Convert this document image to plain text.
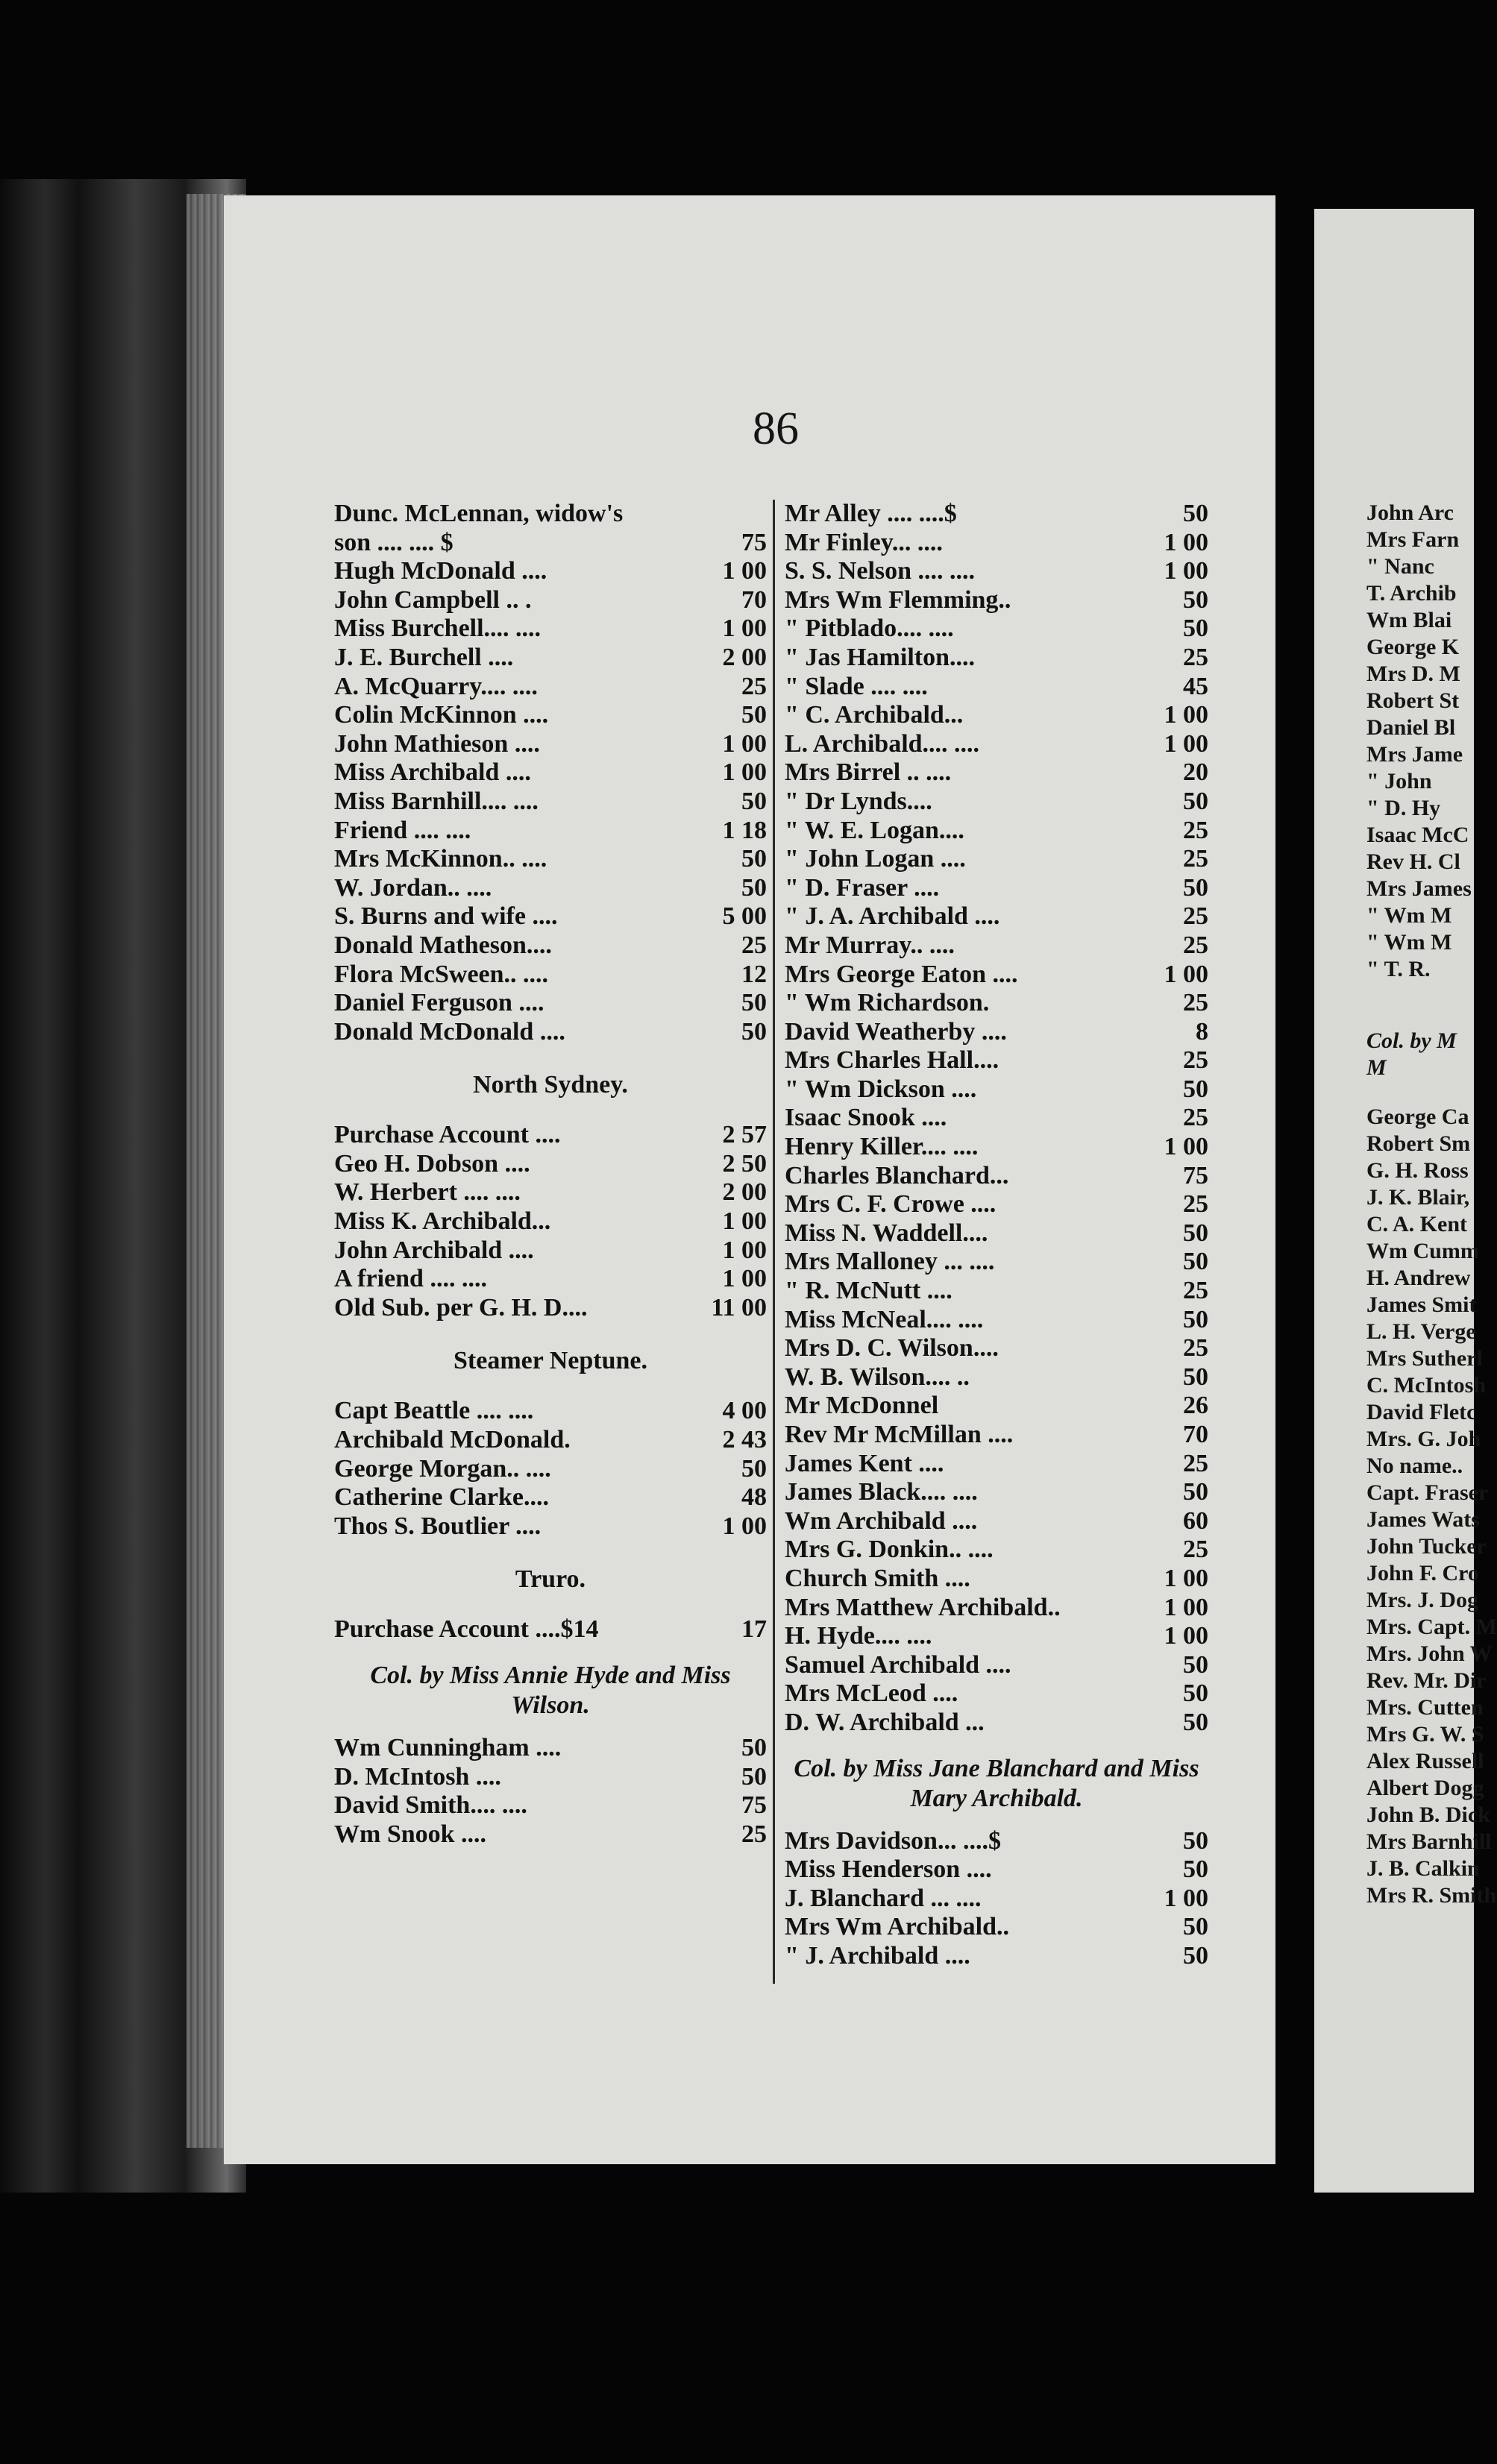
86
Dunc. McLennan, widow's
son .... .... $	75
Hugh McDonald ....	1 00
John Campbell .. .	70
Miss Burchell.... ....	1 00
J. E. Burchell ....	2 00
A. McQuarry.... ....	25
Colin McKinnon ....	50
John Mathieson ....	1 00
Miss Archibald ....	1 00
Miss Barnhill.... ....	50
Friend .... ....	1 18
Mrs McKinnon.. ....	50
W. Jordan.. ....	50
S. Burns and wife ....	5 00
Donald Matheson....	25
Flora McSween.. ....	12
Daniel Ferguson ....	50
Donald McDonald ....	50
North Sydney.
Purchase Account ....	2 57
Geo H. Dobson ....	2 50
W. Herbert .... ....	2 00
Miss K. Archibald...	1 00
John Archibald ....	1 00
A friend .... ....	1 00
Old Sub. per G. H. D....	11 00
Steamer Neptune.
Capt Beattle .... ....	4 00
Archibald McDonald.	2 43
George Morgan.. ....	50
Catherine Clarke....	48
Thos S. Boutlier ....	1 00
Truro.
Purchase Account ....$14	17
Col. by Miss Annie Hyde and Miss Wilson.
Wm Cunningham ....	50
D. McIntosh ....	50
David Smith.... ....	75
Wm Snook ....	25
Mr Alley .... ....$	50
Mr Finley... ....	1 00
S. S. Nelson .... ....	1 00
Mrs Wm Flemming..	50
" Pitblado.... ....	50
" Jas Hamilton....	25
" Slade .... ....	45
" C. Archibald...	1 00
L. Archibald.... ....	1 00
Mrs Birrel .. ....	20
" Dr Lynds....	50
" W. E. Logan....	25
" John Logan ....	25
" D. Fraser ....	50
" J. A. Archibald ....	25
Mr Murray.. ....	25
Mrs George Eaton ....	1 00
" Wm Richardson.	25
David Weatherby ....	8
Mrs Charles Hall....	25
" Wm Dickson ....	50
Isaac Snook ....	25
Henry Killer.... ....	1 00
Charles Blanchard...	75
Mrs C. F. Crowe ....	25
Miss N. Waddell....	50
Mrs Malloney ... ....	50
" R. McNutt ....	25
Miss McNeal.... ....	50
Mrs D. C. Wilson....	25
W. B. Wilson.... ..	50
Mr McDonnel	26
Rev Mr McMillan ....	70
James Kent ....	25
James Black.... ....	50
Wm Archibald ....	60
Mrs G. Donkin.. ....	25
Church Smith ....	1 00
Mrs Matthew Archibald..	1 00
H. Hyde.... ....	1 00
Samuel Archibald ....	50
Mrs McLeod ....	50
D. W. Archibald ...	50
Col. by Miss Jane Blanchard and Miss Mary Archibald.
Mrs Davidson... ....$	50
Miss Henderson ....	50
J. Blanchard ... ....	1 00
Mrs Wm Archibald..	50
" J. Archibald ....	50
John Arc
Mrs Farn
" Nanc
T. Archib
Wm Blai
George K
Mrs D. M
Robert St
Daniel Bl
Mrs Jame
" John
" D. Hy
Isaac McC
Rev H. Cl
Mrs James
" Wm M
" Wm M
" T. R.
Col. by M
M
George Ca
Robert Sm
G. H. Ross
J. K. Blair,
C. A. Kent
Wm Cumm
H. Andrew
James Smit
L. H. Verge
Mrs Sutherl
C. McIntosh
David Fletc
Mrs. G. Joh
No name..
Capt. Fraser
James Wats
John Tucker
John F. Cro
Mrs. J. Dog
Mrs. Capt. M
Mrs. John W
Rev. Mr. Dir
Mrs. Cutten
Mrs G. W. S
Alex Russell
Albert Dogg
John B. Dick
Mrs Barnhill
J. B. Calkin
Mrs R. Smith
